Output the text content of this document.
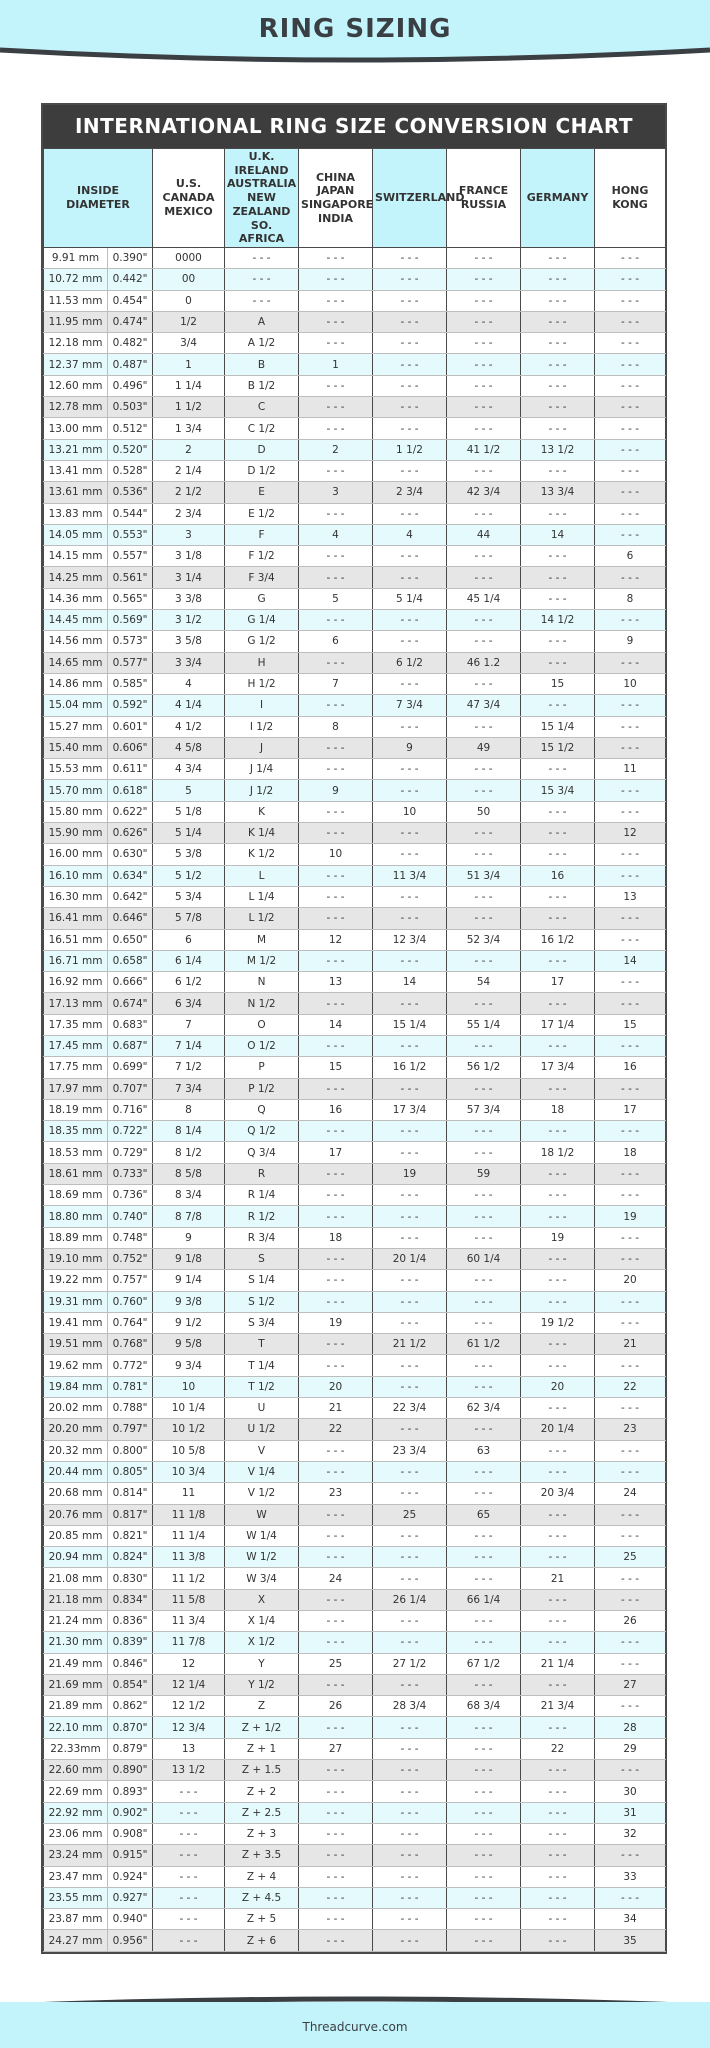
RING SIZING
INTERNATIONAL RING SIZE CONVERSION CHART
INSIDE DIAMETER		U.S. CANADA MEXICO	U.K. IRELAND AUSTRALIA NEW ZEALAND SO. AFRICA	CHINA JAPAN SINGAPORE INDIA	SWITZERLAND	FRANCE RUSSIA	GERMANY	HONG KONG
9.91 mm	0.390"	0000	- - -	- - -	- - -	- - -	- - -	- - -
10.72 mm	0.442"	00	- - -	- - -	- - -	- - -	- - -	- - -
11.53 mm	0.454"	0	- - -	- - -	- - -	- - -	- - -	- - -
11.95 mm	0.474"	1/2	A	- - -	- - -	- - -	- - -	- - -
12.18 mm	0.482"	3/4	A 1/2	- - -	- - -	- - -	- - -	- - -
12.37 mm	0.487"	1	B	1	- - -	- - -	- - -	- - -
12.60 mm	0.496"	1 1/4	B 1/2	- - -	- - -	- - -	- - -	- - -
12.78 mm	0.503"	1 1/2	C	- - -	- - -	- - -	- - -	- - -
13.00 mm	0.512"	1 3/4	C 1/2	- - -	- - -	- - -	- - -	- - -
13.21 mm	0.520"	2	D	2	1 1/2	41 1/2	13 1/2	- - -
13.41 mm	0.528"	2 1/4	D 1/2	- - -	- - -	- - -	- - -	- - -
13.61 mm	0.536"	2 1/2	E	3	2 3/4	42 3/4	13 3/4	- - -
13.83 mm	0.544"	2 3/4	E 1/2	- - -	- - -	- - -	- - -	- - -
14.05 mm	0.553"	3	F	4	4	44	14	- - -
14.15 mm	0.557"	3 1/8	F 1/2	- - -	- - -	- - -	- - -	6
14.25 mm	0.561"	3 1/4	F 3/4	- - -	- - -	- - -	- - -	- - -
14.36 mm	0.565"	3 3/8	G	5	5 1/4	45 1/4	- - -	8
14.45 mm	0.569"	3 1/2	G 1/4	- - -	- - -	- - -	14 1/2	- - -
14.56 mm	0.573"	3 5/8	G 1/2	6	- - -	- - -	- - -	9
14.65 mm	0.577"	3 3/4	H	- - -	6 1/2	46 1.2	- - -	- - -
14.86 mm	0.585"	4	H 1/2	7	- - -	- - -	15	10
15.04 mm	0.592"	4 1/4	I	- - -	7 3/4	47 3/4	- - -	- - -
15.27 mm	0.601"	4 1/2	I 1/2	8	- - -	- - -	15 1/4	- - -
15.40 mm	0.606"	4 5/8	J	- - -	9	49	15 1/2	- - -
15.53 mm	0.611"	4 3/4	J 1/4	- - -	- - -	- - -	- - -	11
15.70 mm	0.618"	5	J 1/2	9	- - -	- - -	15 3/4	- - -
15.80 mm	0.622"	5 1/8	K	- - -	10	50	- - -	- - -
15.90 mm	0.626"	5 1/4	K 1/4	- - -	- - -	- - -	- - -	12
16.00 mm	0.630"	5 3/8	K 1/2	10	- - -	- - -	- - -	- - -
16.10 mm	0.634"	5 1/2	L	- - -	11 3/4	51 3/4	16	- - -
16.30 mm	0.642"	5 3/4	L 1/4	- - -	- - -	- - -	- - -	13
16.41 mm	0.646"	5 7/8	L 1/2	- - -	- - -	- - -	- - -	- - -
16.51 mm	0.650"	6	M	12	12 3/4	52 3/4	16 1/2	- - -
16.71 mm	0.658"	6 1/4	M 1/2	- - -	- - -	- - -	- - -	14
16.92 mm	0.666"	6 1/2	N	13	14	54	17	- - -
17.13 mm	0.674"	6 3/4	N 1/2	- - -	- - -	- - -	- - -	- - -
17.35 mm	0.683"	7	O	14	15 1/4	55 1/4	17 1/4	15
17.45 mm	0.687"	7 1/4	O 1/2	- - -	- - -	- - -	- - -	- - -
17.75 mm	0.699"	7 1/2	P	15	16 1/2	56 1/2	17 3/4	16
17.97 mm	0.707"	7 3/4	P 1/2	- - -	- - -	- - -	- - -	- - -
18.19 mm	0.716"	8	Q	16	17 3/4	57 3/4	18	17
18.35 mm	0.722"	8 1/4	Q 1/2	- - -	- - -	- - -	- - -	- - -
18.53 mm	0.729"	8 1/2	Q 3/4	17	- - -	- - -	18 1/2	18
18.61 mm	0.733"	8 5/8	R	- - -	19	59	- - -	- - -
18.69 mm	0.736"	8 3/4	R 1/4	- - -	- - -	- - -	- - -	- - -
18.80 mm	0.740"	8 7/8	R 1/2	- - -	- - -	- - -	- - -	19
18.89 mm	0.748"	9	R 3/4	18	- - -	- - -	19	- - -
19.10 mm	0.752"	9 1/8	S	- - -	20 1/4	60 1/4	- - -	- - -
19.22 mm	0.757"	9 1/4	S 1/4	- - -	- - -	- - -	- - -	20
19.31 mm	0.760"	9 3/8	S 1/2	- - -	- - -	- - -	- - -	- - -
19.41 mm	0.764"	9 1/2	S 3/4	19	- - -	- - -	19 1/2	- - -
19.51 mm	0.768"	9 5/8	T	- - -	21 1/2	61 1/2	- - -	21
19.62 mm	0.772"	9 3/4	T 1/4	- - -	- - -	- - -	- - -	- - -
19.84 mm	0.781"	10	T 1/2	20	- - -	- - -	20	22
20.02 mm	0.788"	10 1/4	U	21	22 3/4	62 3/4	- - -	- - -
20.20 mm	0.797"	10 1/2	U 1/2	22	- - -	- - -	20 1/4	23
20.32 mm	0.800"	10 5/8	V	- - -	23 3/4	63	- - -	- - -
20.44 mm	0.805"	10 3/4	V 1/4	- - -	- - -	- - -	- - -	- - -
20.68 mm	0.814"	11	V 1/2	23	- - -	- - -	20 3/4	24
20.76 mm	0.817"	11 1/8	W	- - -	25	65	- - -	- - -
20.85 mm	0.821"	11 1/4	W 1/4	- - -	- - -	- - -	- - -	- - -
20.94 mm	0.824"	11 3/8	W 1/2	- - -	- - -	- - -	- - -	25
21.08 mm	0.830"	11 1/2	W 3/4	24	- - -	- - -	21	- - -
21.18 mm	0.834"	11 5/8	X	- - -	26 1/4	66 1/4	- - -	- - -
21.24 mm	0.836"	11 3/4	X 1/4	- - -	- - -	- - -	- - -	26
21.30 mm	0.839"	11 7/8	X 1/2	- - -	- - -	- - -	- - -	- - -
21.49 mm	0.846"	12	Y	25	27 1/2	67 1/2	21 1/4	- - -
21.69 mm	0.854"	12 1/4	Y 1/2	- - -	- - -	- - -	- - -	27
21.89 mm	0.862"	12 1/2	Z	26	28 3/4	68 3/4	21 3/4	- - -
22.10 mm	0.870"	12 3/4	Z + 1/2	- - -	- - -	- - -	- - -	28
22.33mm	0.879"	13	Z + 1	27	- - -	- - -	22	29
22.60 mm	0.890"	13 1/2	Z + 1.5	- - -	- - -	- - -	- - -	- - -
22.69 mm	0.893"	- - -	Z + 2	- - -	- - -	- - -	- - -	30
22.92 mm	0.902"	- - -	Z + 2.5	- - -	- - -	- - -	- - -	31
23.06 mm	0.908"	- - -	Z + 3	- - -	- - -	- - -	- - -	32
23.24 mm	0.915"	- - -	Z + 3.5	- - -	- - -	- - -	- - -	- - -
23.47 mm	0.924"	- - -	Z + 4	- - -	- - -	- - -	- - -	33
23.55 mm	0.927"	- - -	Z + 4.5	- - -	- - -	- - -	- - -	- - -
23.87 mm	0.940"	- - -	Z + 5	- - -	- - -	- - -	- - -	34
24.27 mm	0.956"	- - -	Z + 6	- - -	- - -	- - -	- - -	35
Threadcurve.com
